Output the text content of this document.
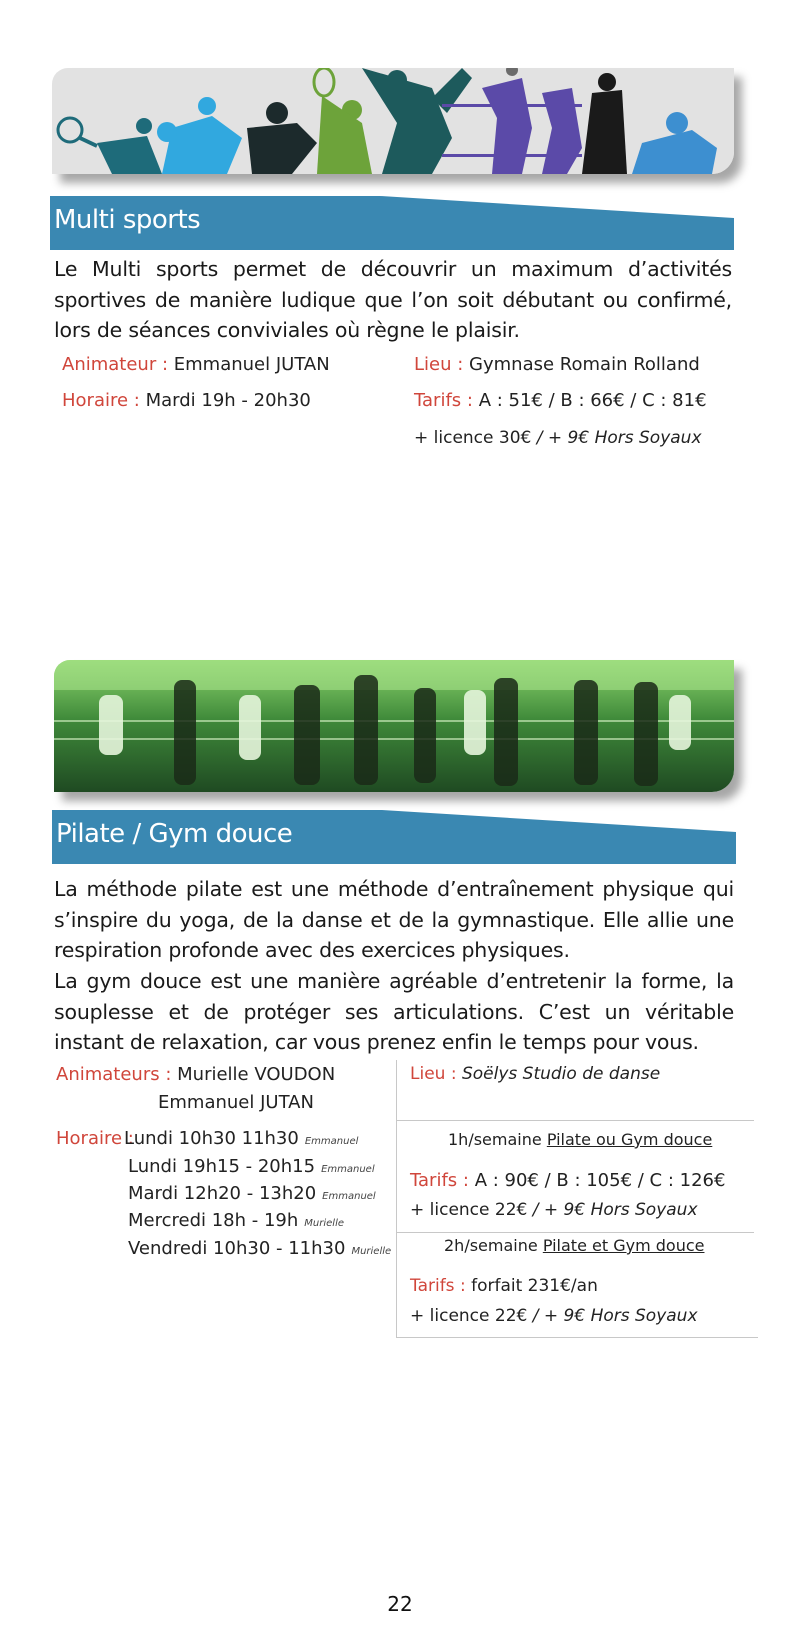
Multi sports
Le Multi sports permet de découvrir un maximum d’activités sportives de manière ludique que l’on soit débutant ou confirmé, lors de séances conviviales où règne le plaisir.
Animateur : Emmanuel JUTAN
Horaire : Mardi 19h - 20h30
Lieu : Gymnase Romain Rolland
Tarifs : A : 51€ / B : 66€ / C : 81€
+ licence 30€ / + 9€ Hors Soyaux
Pilate / Gym douce
La méthode pilate est une méthode d’entraînement physique qui s’inspire du yoga, de la danse et de la gymnastique. Elle allie une respiration profonde avec des exercices physiques.
La gym douce est une manière agréable d’entretenir la forme, la souplesse et de protéger ses articulations. C’est un véritable instant de relaxation, car vous prenez enfin le temps pour vous.
Animateurs : Murielle VOUDON
Emmanuel JUTAN
Horaire :
Lundi 10h30 11h30 Emmanuel
Lundi 19h15 - 20h15 Emmanuel
Mardi 12h20 - 13h20 Emmanuel
Mercredi 18h - 19h Murielle
Vendredi 10h30 - 11h30 Murielle
Lieu : Soëlys Studio de danse
1h/semaine Pilate ou Gym douce
Tarifs : A : 90€ / B : 105€ / C : 126€
+ licence 22€ / + 9€ Hors Soyaux
2h/semaine Pilate et Gym douce
Tarifs : forfait 231€/an
+ licence 22€ / + 9€ Hors Soyaux
22
